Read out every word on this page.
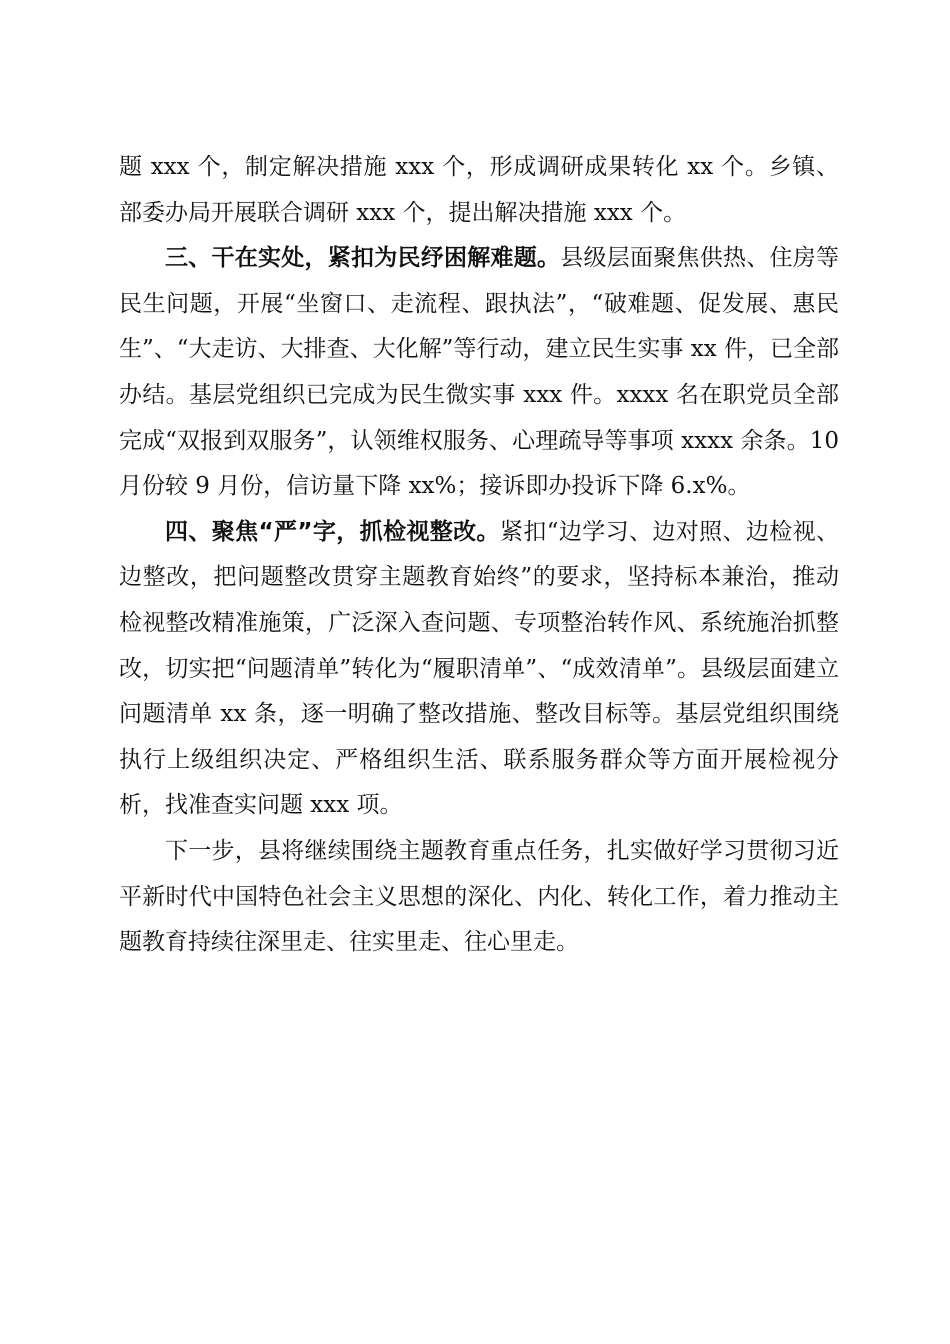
题 xxx 个，制定解决措施 xxx 个，形成调研成果转化 xx 个。乡镇、部委办局开展联合调研 xxx 个，提出解决措施 xxx 个。

三、干在实处，紧扣为民纾困解难题。县级层面聚焦供热、住房等民生问题，开展“坐窗口、走流程、跟执法”，“破难题、促发展、惠民生”、“大走访、大排查、大化解”等行动，建立民生实事 xx 件，已全部办结。基层党组织已完成为民生微实事 xxx 件。xxxx 名在职党员全部完成“双报到双服务”，认领维权服务、心理疏导等事项 xxxx 余条。10 月份较 9 月份，信访量下降 xx%；接诉即办投诉下降 6.x%。

四、聚焦“严”字，抓检视整改。紧扣“边学习、边对照、边检视、边整改，把问题整改贯穿主题教育始终”的要求，坚持标本兼治，推动检视整改精准施策，广泛深入查问题、专项整治转作风、系统施治抓整改，切实把“问题清单”转化为“履职清单”、“成效清单”。县级层面建立问题清单 xx 条，逐一明确了整改措施、整改目标等。基层党组织围绕执行上级组织决定、严格组织生活、联系服务群众等方面开展检视分析，找准查实问题 xxx 项。

下一步，县将继续围绕主题教育重点任务，扎实做好学习贯彻习近平新时代中国特色社会主义思想的深化、内化、转化工作，着力推动主题教育持续往深里走、往实里走、往心里走。
